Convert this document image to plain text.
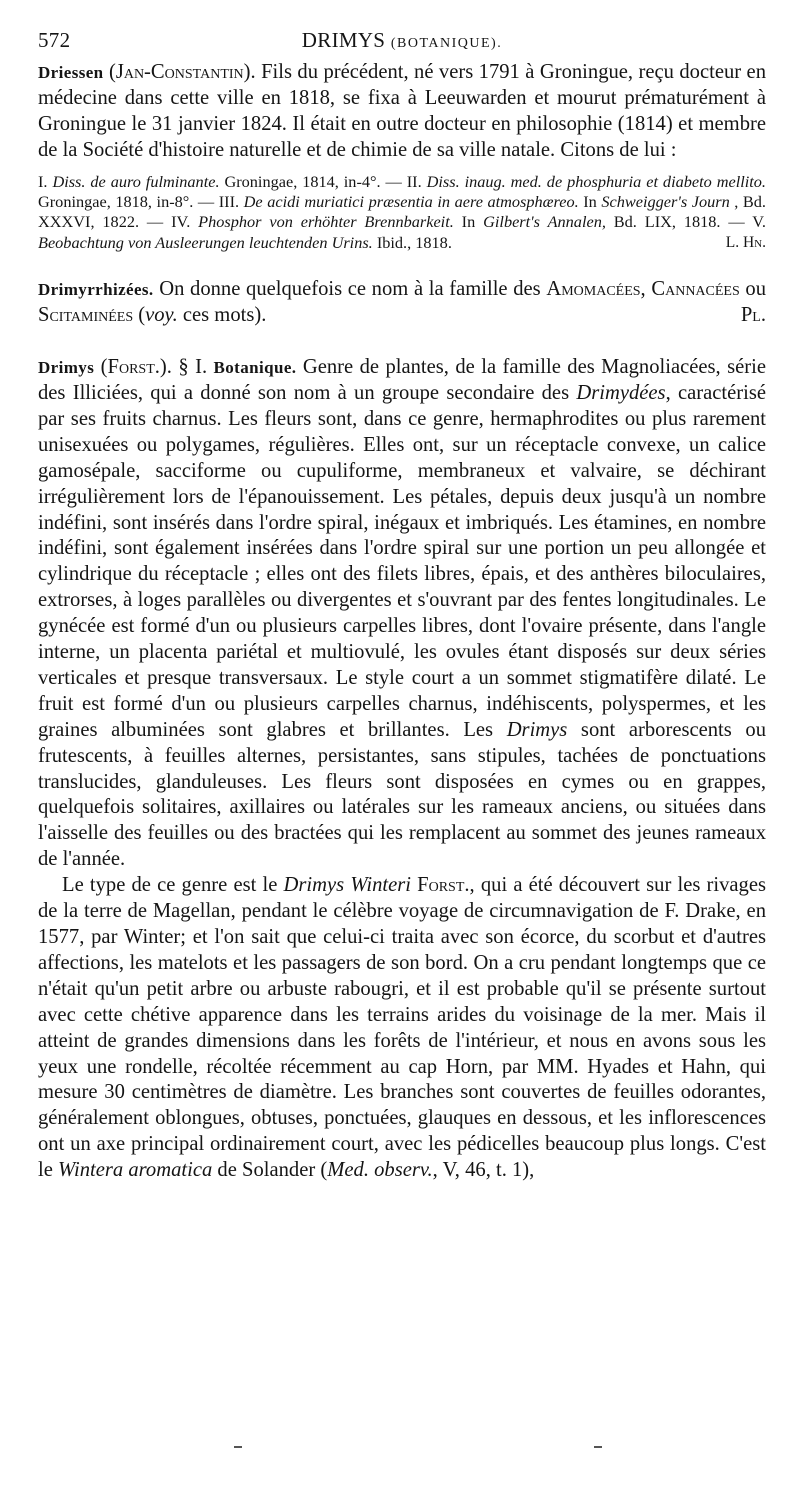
572	DRIMYS (BOTANIQUE).

Driessen (Jan-Constantin). Fils du précédent, né vers 1791 à Groningue, reçu docteur en médecine dans cette ville en 1818, se fixa à Leeuwarden et mourut prématurément à Groningue le 31 janvier 1824. Il était en outre docteur en philosophie (1814) et membre de la Société d'histoire naturelle et de chimie de sa ville natale. Citons de lui :

I. Diss. de auro fulminante. Groningae, 1814, in-4°. — II. Diss. inaug. med. de phosphuria et diabeto mellito. Groningae, 1818, in-8°. — III. De acidi muriatici præsentia in aere atmosphæreo. In Schweigger's Journ , Bd. XXXVI, 1822. — IV. Phosphor von erhöhter Brennbarkeit. In Gilbert's Annalen, Bd. LIX, 1818. — V. Beobachtung von Ausleerungen leuchtenden Urins. Ibid., 1818.	L. Hn.

Drimyrrhizées. On donne quelquefois ce nom à la famille des Amomacées, Cannacées ou Scitaminées (voy. ces mots).	Pl.

Drimys (Forst.). § I. Botanique. Genre de plantes, de la famille des Magnoliacées, série des Illiciées, qui a donné son nom à un groupe secondaire des Drimydées, caractérisé par ses fruits charnus. Les fleurs sont, dans ce genre, hermaphrodites ou plus rarement unisexuées ou polygames, régulières. Elles ont, sur un réceptacle convexe, un calice gamosépale, sacciforme ou cupuliforme, membraneux et valvaire, se déchirant irrégulièrement lors de l'épanouissement. Les pétales, depuis deux jusqu'à un nombre indéfini, sont insérés dans l'ordre spiral, inégaux et imbriqués. Les étamines, en nombre indéfini, sont également insérées dans l'ordre spiral sur une portion un peu allongée et cylindrique du réceptacle ; elles ont des filets libres, épais, et des anthères biloculaires, extrorses, à loges parallèles ou divergentes et s'ouvrant par des fentes longitudinales. Le gynécée est formé d'un ou plusieurs carpelles libres, dont l'ovaire présente, dans l'angle interne, un placenta pariétal et multiovulé, les ovules étant disposés sur deux séries verticales et presque transversaux. Le style court a un sommet stigmatifère dilaté. Le fruit est formé d'un ou plusieurs carpelles charnus, indéhiscents, polyspermes, et les graines albuminées sont glabres et brillantes. Les Drimys sont arborescents ou frutescents, à feuilles alternes, persistantes, sans stipules, tachées de ponctuations translucides, glanduleuses. Les fleurs sont disposées en cymes ou en grappes, quelquefois solitaires, axillaires ou latérales sur les rameaux anciens, ou situées dans l'aisselle des feuilles ou des bractées qui les remplacent au sommet des jeunes rameaux de l'année.

Le type de ce genre est le Drimys Winteri Forst., qui a été découvert sur les rivages de la terre de Magellan, pendant le célèbre voyage de circumnavigation de F. Drake, en 1577, par Winter; et l'on sait que celui-ci traita avec son écorce, du scorbut et d'autres affections, les matelots et les passagers de son bord. On a cru pendant longtemps que ce n'était qu'un petit arbre ou arbuste rabougri, et il est probable qu'il se présente surtout avec cette chétive apparence dans les terrains arides du voisinage de la mer. Mais il atteint de grandes dimensions dans les forêts de l'intérieur, et nous en avons sous les yeux une rondelle, récoltée récemment au cap Horn, par MM. Hyades et Hahn, qui mesure 30 centimètres de diamètre. Les branches sont couvertes de feuilles odorantes, généralement oblongues, obtuses, ponctuées, glauques en dessous, et les inflorescences ont un axe principal ordinairement court, avec les pédicelles beaucoup plus longs. C'est le Wintera aromatica de Solander (Med. observ., V, 46, t. 1),
